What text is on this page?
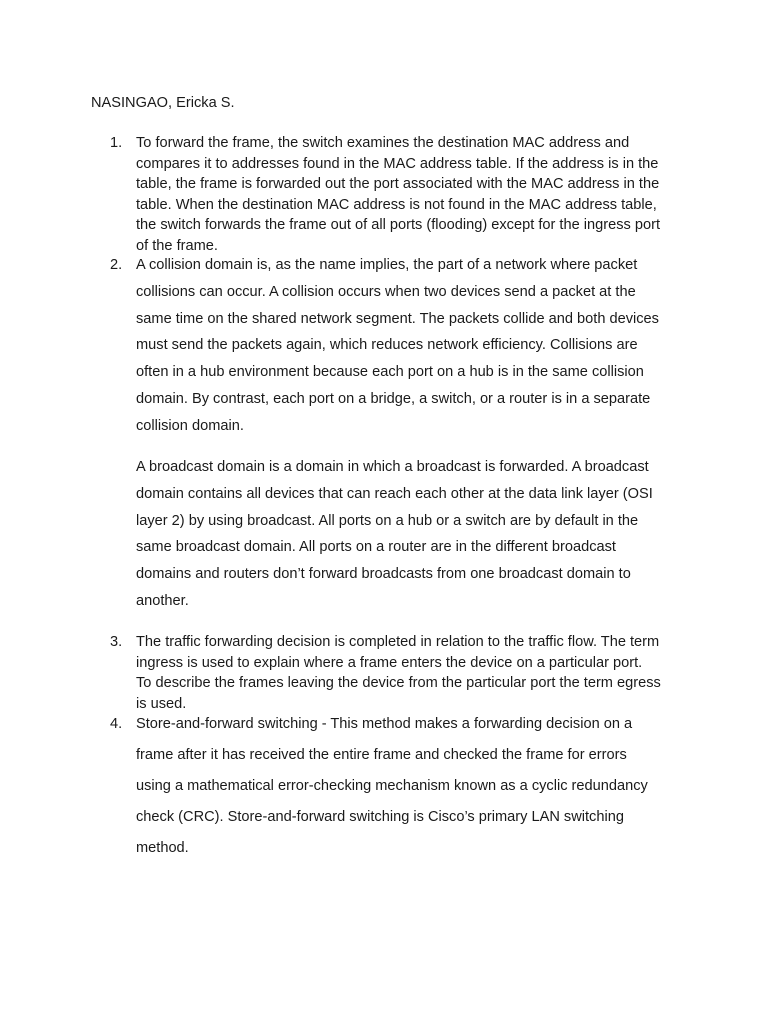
NASINGAO, Ericka S.

1. To forward the frame, the switch examines the destination MAC address and
compares it to addresses found in the MAC address table. If the address is in the
table, the frame is forwarded out the port associated with the MAC address in the
table. When the destination MAC address is not found in the MAC address table,
the switch forwards the frame out of all ports (flooding) except for the ingress port
of the frame.

2. A collision domain is, as the name implies, the part of a network where packet
collisions can occur. A collision occurs when two devices send a packet at the
same time on the shared network segment. The packets collide and both devices
must send the packets again, which reduces network efficiency. Collisions are
often in a hub environment because each port on a hub is in the same collision
domain. By contrast, each port on a bridge, a switch, or a router is in a separate
collision domain.

A broadcast domain is a domain in which a broadcast is forwarded. A broadcast
domain contains all devices that can reach each other at the data link layer (OSI
layer 2) by using broadcast. All ports on a hub or a switch are by default in the
same broadcast domain. All ports on a router are in the different broadcast
domains and routers don’t forward broadcasts from one broadcast domain to
another.

3. The traffic forwarding decision is completed in relation to the traffic flow. The term
ingress is used to explain where a frame enters the device on a particular port.
To describe the frames leaving the device from the particular port the term egress
is used.

4. Store-and-forward switching - This method makes a forwarding decision on a
frame after it has received the entire frame and checked the frame for errors
using a mathematical error-checking mechanism known as a cyclic redundancy
check (CRC). Store-and-forward switching is Cisco’s primary LAN switching
method.
